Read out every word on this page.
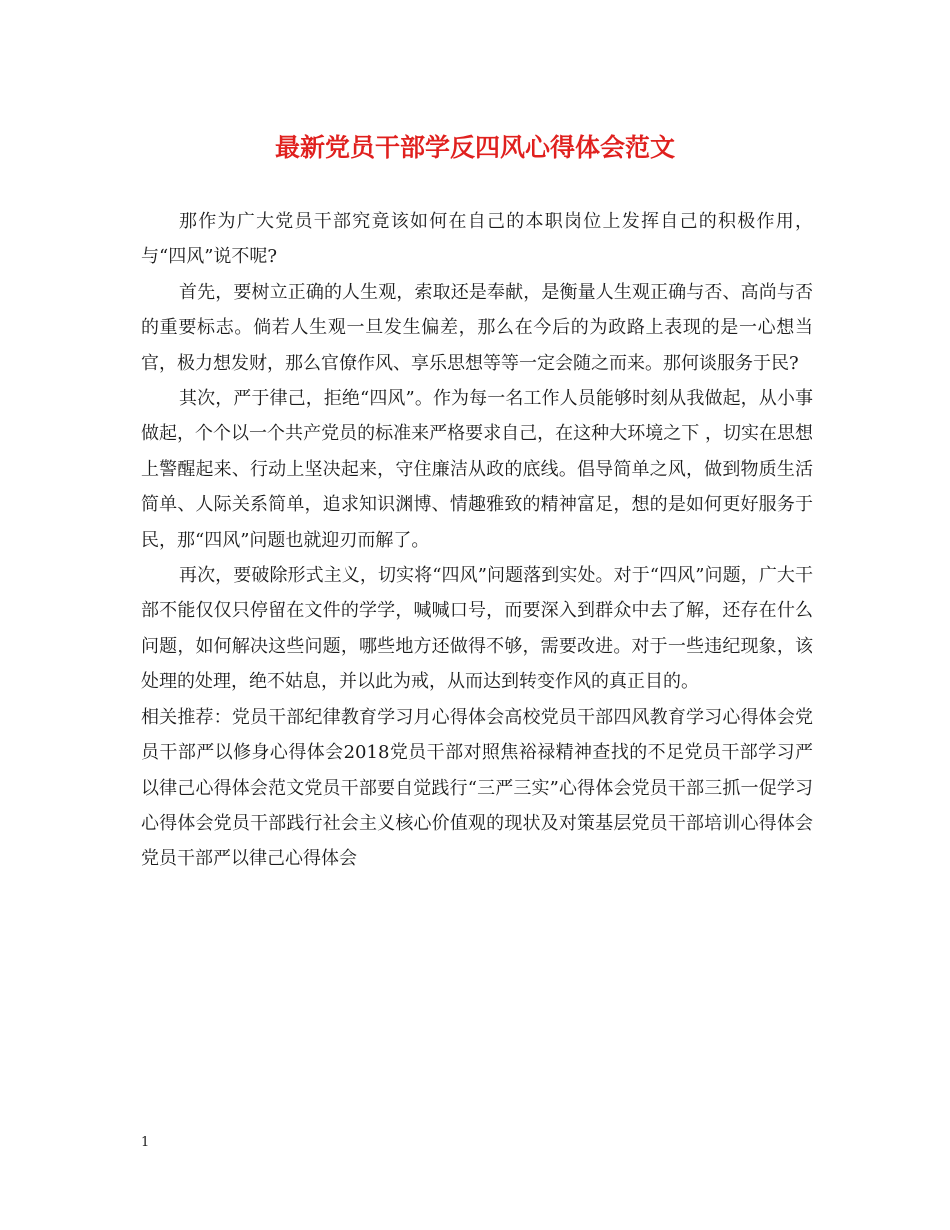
最新党员干部学反四风心得体会范文

那作为广大党员干部究竟该如何在自己的本职岗位上发挥自己的积极作用，与“四风”说不呢?

首先，要树立正确的人生观，索取还是奉献，是衡量人生观正确与否、高尚与否的重要标志。倘若人生观一旦发生偏差，那么在今后的为政路上表现的是一心想当官，极力想发财，那么官僚作风、享乐思想等等一定会随之而来。那何谈服务于民?

其次，严于律己，拒绝“四风”。作为每一名工作人员能够时刻从我做起，从小事做起，个个以一个共产党员的标准来严格要求自己，在这种大环境之下 ，切实在思想上警醒起来、行动上坚决起来，守住廉洁从政的底线。倡导简单之风，做到物质生活简单、人际关系简单，追求知识渊博、情趣雅致的精神富足，想的是如何更好服务于民，那“四风”问题也就迎刃而解了。

再次，要破除形式主义，切实将“四风”问题落到实处。对于“四风”问题，广大干部不能仅仅只停留在文件的学学，喊喊口号，而要深入到群众中去了解，还存在什么问题，如何解决这些问题，哪些地方还做得不够，需要改进。对于一些违纪现象，该处理的处理，绝不姑息，并以此为戒，从而达到转变作风的真正目的。

相关推荐：党员干部纪律教育学习月心得体会高校党员干部四风教育学习心得体会党员干部严以修身心得体会2018党员干部对照焦裕禄精神查找的不足党员干部学习严以律己心得体会范文党员干部要自觉践行“三严三实”心得体会党员干部三抓一促学习心得体会党员干部践行社会主义核心价值观的现状及对策基层党员干部培训心得体会党员干部严以律己心得体会

1
